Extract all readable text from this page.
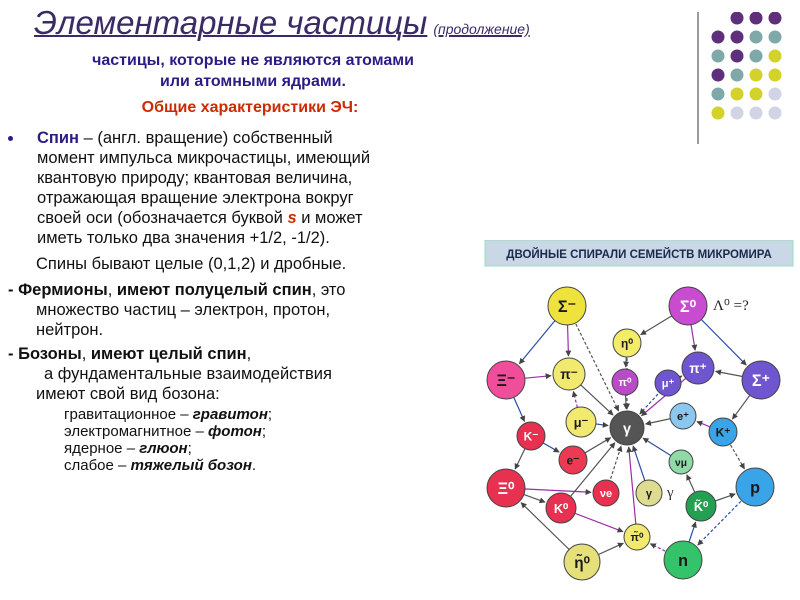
Элементарные частицы (продолжение)
частицы, которые не являются атомами
или атомными ядрами.
Общие характеристики ЭЧ:
Спин – (англ. вращение) собственный
момент импульса микрочастицы, имеющий
квантовую природу; квантовая величина,
отражающая вращение электрона вокруг
своей оси (обозначается буквой s и может
иметь только два значения +1/2, -1/2).
Спины бывают целые (0,1,2) и дробные.
- Фермионы, имеют полуцелый спин, это
множество частиц – электрон, протон,
нейтрон.
- Бозоны, имеют целый спин,
а фундаментальные взаимодействия
имеют свой вид бозона:
гравитационное – гравитон;
электромагнитное – фотон;
ядерное – глюон;
слабое – тяжелый бозон.
ДВОЙНЫЕ СПИРАЛИ СЕМЕЙСТВ МИКРОМИРА
Σ⁻	Σ⁰
η⁰
Ξ⁻	π⁻
π⁰	μ⁺
π⁺
Σ⁺
μ⁻ γ
e⁺
K⁻	K⁺
e⁻	νμ
Ξ⁰	νe	γ
K⁰	K̃⁰
p
π̃⁰
η̃⁰	n
Λ⁰ =?
γ
